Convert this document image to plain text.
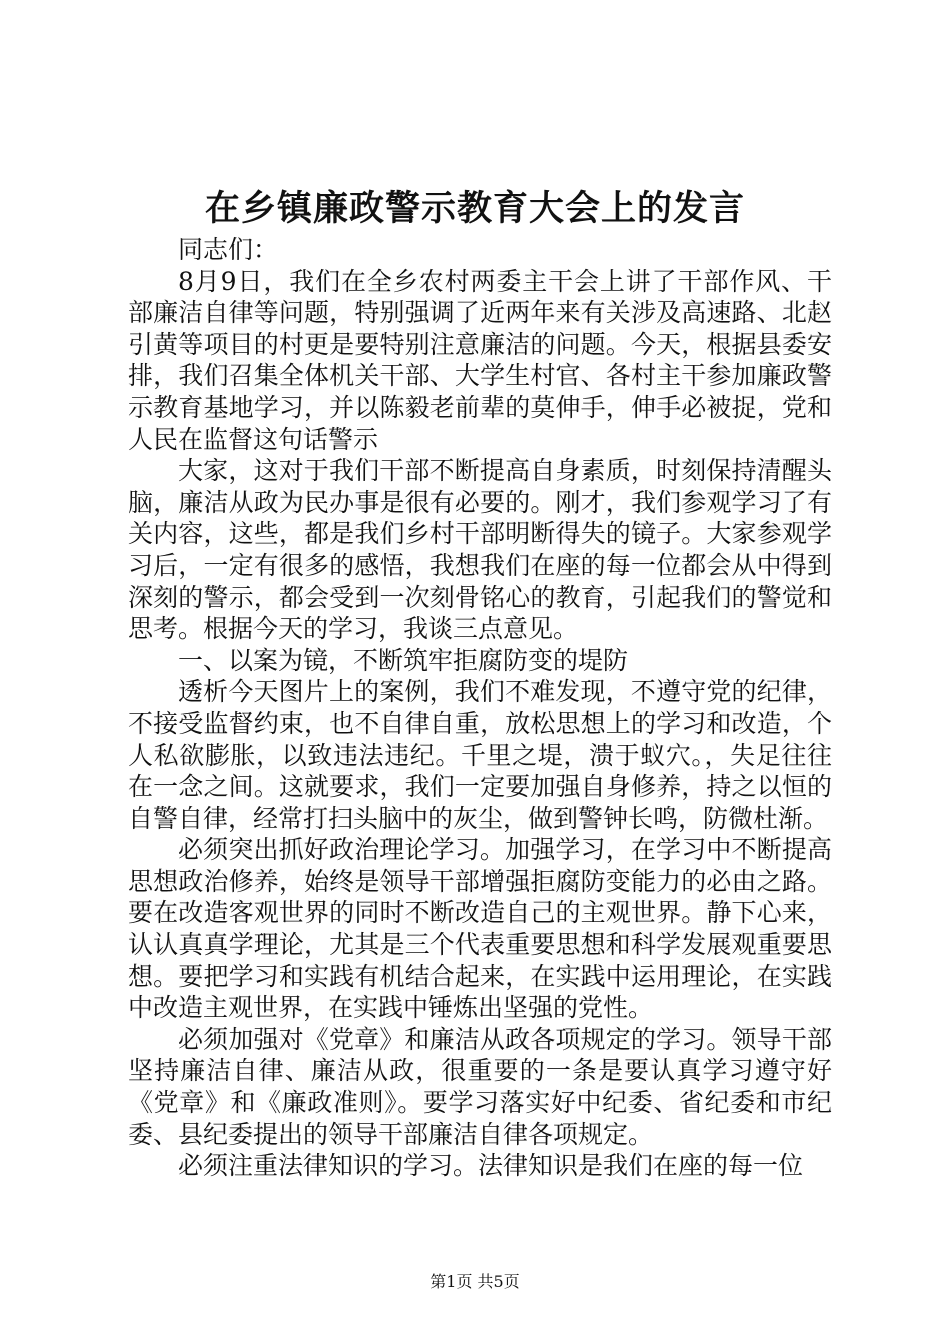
在乡镇廉政警示教育大会上的发言

同志们：

8月9日，我们在全乡农村两委主干会上讲了干部作风、干部廉洁自律等问题，特别强调了近两年来有关涉及高速路、北赵引黄等项目的村更是要特别注意廉洁的问题。今天，根据县委安排，我们召集全体机关干部、大学生村官、各村主干参加廉政警示教育基地学习，并以陈毅老前辈的莫伸手，伸手必被捉，党和人民在监督这句话警示

大家，这对于我们干部不断提高自身素质，时刻保持清醒头脑，廉洁从政为民办事是很有必要的。刚才，我们参观学习了有关内容，这些，都是我们乡村干部明断得失的镜子。大家参观学习后，一定有很多的感悟，我想我们在座的每一位都会从中得到深刻的警示，都会受到一次刻骨铭心的教育，引起我们的警觉和思考。根据今天的学习，我谈三点意见。

一、以案为镜，不断筑牢拒腐防变的堤防

透析今天图片上的案例，我们不难发现，不遵守党的纪律，不接受监督约束，也不自律自重，放松思想上的学习和改造，个人私欲膨胀，以致违法违纪。千里之堤，溃于蚁穴。，失足往往在一念之间。这就要求，我们一定要加强自身修养，持之以恒的自警自律，经常打扫头脑中的灰尘，做到警钟长鸣，防微杜渐。

必须突出抓好政治理论学习。加强学习，在学习中不断提高思想政治修养，始终是领导干部增强拒腐防变能力的必由之路。要在改造客观世界的同时不断改造自己的主观世界。静下心来，认认真真学理论，尤其是三个代表重要思想和科学发展观重要思想。要把学习和实践有机结合起来，在实践中运用理论，在实践中改造主观世界，在实践中锤炼出坚强的党性。

必须加强对《党章》和廉洁从政各项规定的学习。领导干部坚持廉洁自律、廉洁从政，很重要的一条是要认真学习遵守好《党章》和《廉政准则》。要学习落实好中纪委、省纪委和市纪委、县纪委提出的领导干部廉洁自律各项规定。

必须注重法律知识的学习。法律知识是我们在座的每一位

第1页 共5页
